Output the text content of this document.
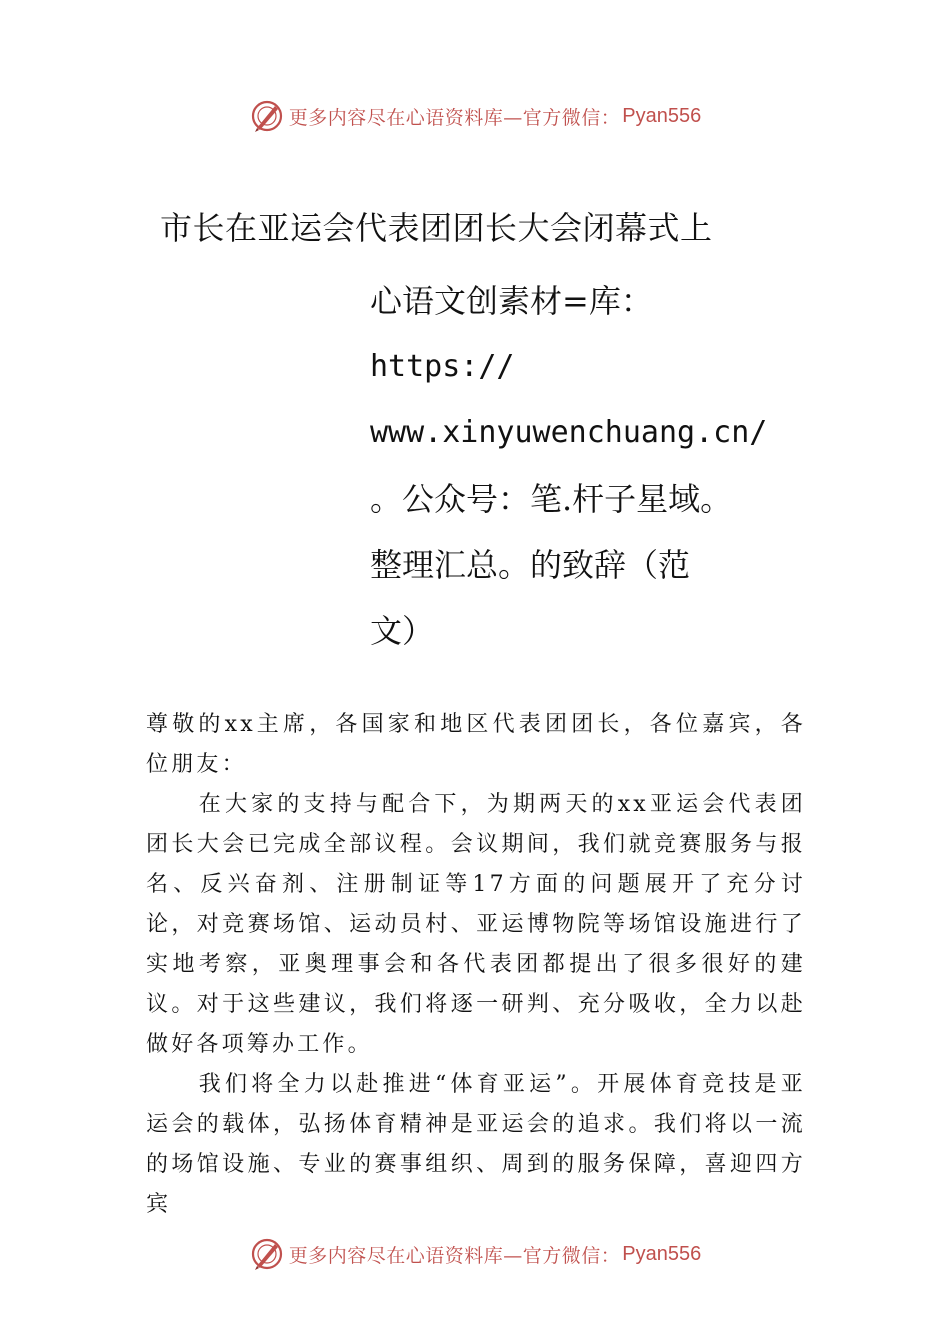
更多内容尽在心语资料库—官方微信： Pyan556
市长在亚运会代表团团长大会闭幕式上
心语文创素材=库：
https://
www.xinyuwenchuang.cn/
。公众号：笔.杆子星域。
整理汇总。的致辞（范
文）

尊敬的xx主席，各国家和地区代表团团长，各位嘉宾，各位朋友：

在大家的支持与配合下，为期两天的xx亚运会代表团团长大会已完成全部议程。会议期间，我们就竞赛服务与报名、反兴奋剂、注册制证等17方面的问题展开了充分讨论，对竞赛场馆、运动员村、亚运博物院等场馆设施进行了实地考察，亚奥理事会和各代表团都提出了很多很好的建议。对于这些建议，我们将逐一研判、充分吸收，全力以赴做好各项筹办工作。

我们将全力以赴推进“体育亚运”。开展体育竞技是亚运会的载体，弘扬体育精神是亚运会的追求。我们将以一流的场馆设施、专业的赛事组织、周到的服务保障，喜迎四方宾

更多内容尽在心语资料库—官方微信： Pyan556
